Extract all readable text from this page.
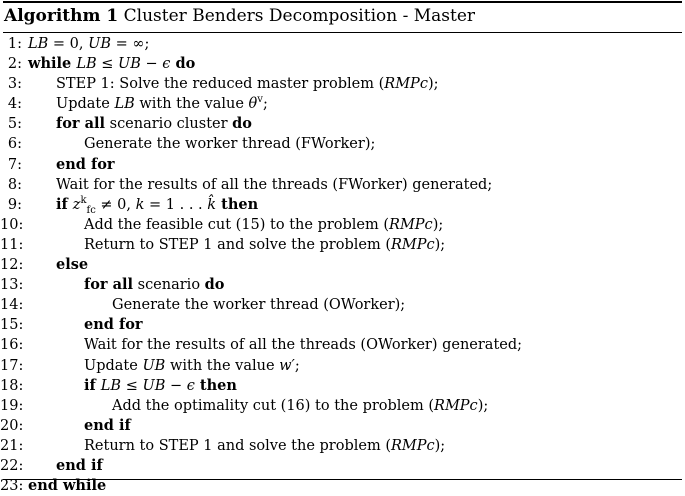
Algorithm 1 Cluster Benders Decomposition - Master
1: LB = 0, UB = ∞;
2: while LB ≤ UB − ϵ do
3:	STEP 1: Solve the reduced master problem (RMPc);
4:	Update LB with the value $\theta^v$;
5:	for all scenario cluster do
6:	Generate the worker thread (FWorker);
7:	end for
8:	Wait for the results of all the threads (FWorker) generated;
9:	if $z^k_{fc} \ne 0$, k = 1 . . . k̂ then
10:	Add the feasible cut (15) to the problem (RMPc);
11:	Return to STEP 1 and solve the problem (RMPc);
12:	else
13:	for all scenario do
14:	Generate the worker thread (OWorker);
15:	end for
16:	Wait for the results of all the threads (OWorker) generated;
17:	Update UB with the value w′;
18:	if LB ≤ UB − ϵ then
19:	Add the optimality cut (16) to the problem (RMPc);
20:	end if
21:	Return to STEP 1 and solve the problem (RMPc);
22:	end if
23: end while
